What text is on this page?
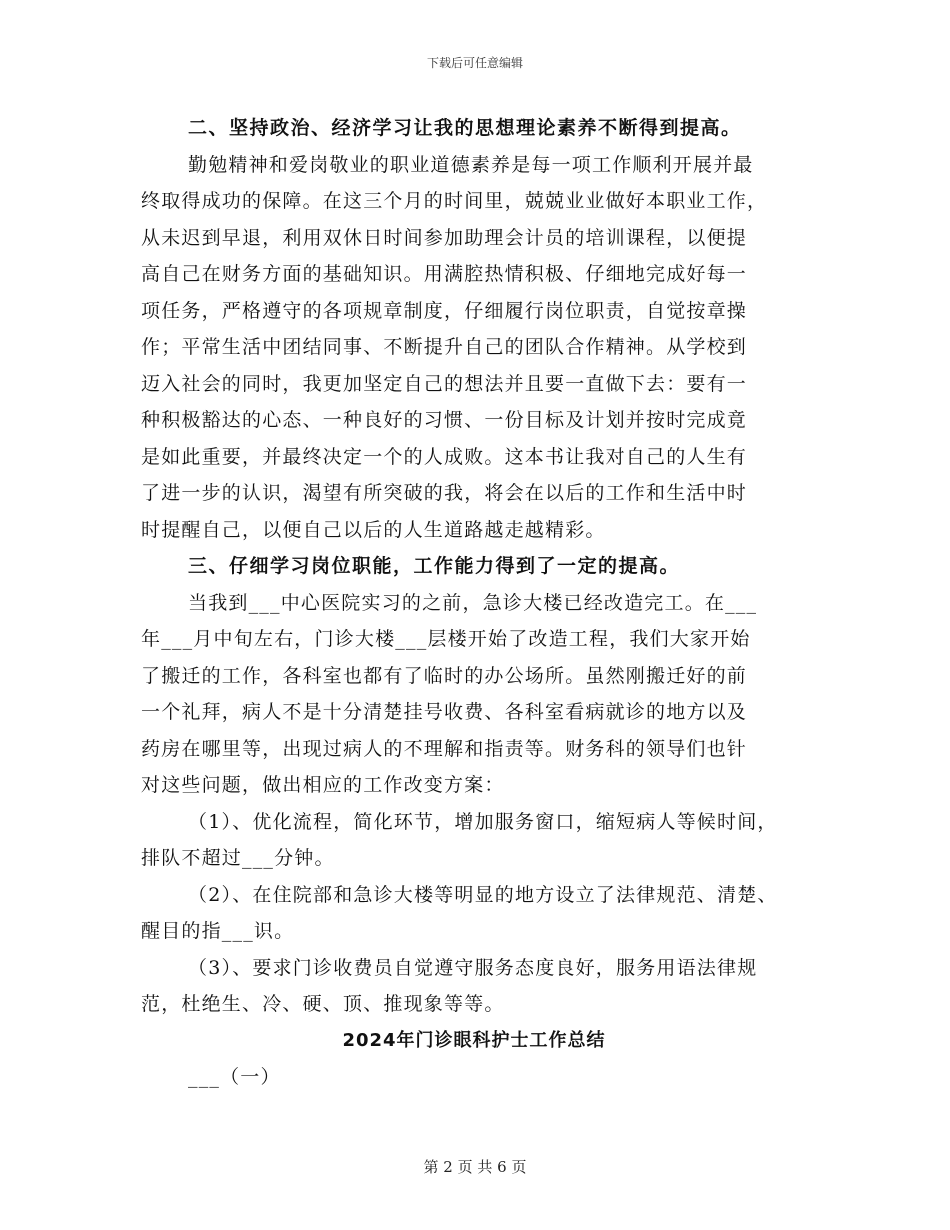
下载后可任意编辑
二、坚持政治、经济学习让我的思想理论素养不断得到提高。
勤勉精神和爱岗敬业的职业道德素养是每一项工作顺利开展并最
终取得成功的保障。在这三个月的时间里，兢兢业业做好本职业工作，
从未迟到早退，利用双休日时间参加助理会计员的培训课程，以便提
高自己在财务方面的基础知识。用满腔热情积极、仔细地完成好每一
项任务，严格遵守的各项规章制度，仔细履行岗位职责，自觉按章操
作；平常生活中团结同事、不断提升自己的团队合作精神。从学校到
迈入社会的同时，我更加坚定自己的想法并且要一直做下去：要有一
种积极豁达的心态、一种良好的习惯、一份目标及计划并按时完成竟
是如此重要，并最终决定一个的人成败。这本书让我对自己的人生有
了进一步的认识，渴望有所突破的我，将会在以后的工作和生活中时
时提醒自己，以便自己以后的人生道路越走越精彩。
三、仔细学习岗位职能，工作能力得到了一定的提高。
当我到___中心医院实习的之前，急诊大楼已经改造完工。在___
年___月中旬左右，门诊大楼___层楼开始了改造工程，我们大家开始
了搬迁的工作，各科室也都有了临时的办公场所。虽然刚搬迁好的前
一个礼拜，病人不是十分清楚挂号收费、各科室看病就诊的地方以及
药房在哪里等，出现过病人的不理解和指责等。财务科的领导们也针
对这些问题，做出相应的工作改变方案：
（1）、优化流程，简化环节，增加服务窗口，缩短病人等候时间，
排队不超过___分钟。
（2）、在住院部和急诊大楼等明显的地方设立了法律规范、清楚、
醒目的指___识。
（3）、要求门诊收费员自觉遵守服务态度良好，服务用语法律规
范，杜绝生、冷、硬、顶、推现象等等。
2024年门诊眼科护士工作总结
___（一）
第 2 页 共 6 页
